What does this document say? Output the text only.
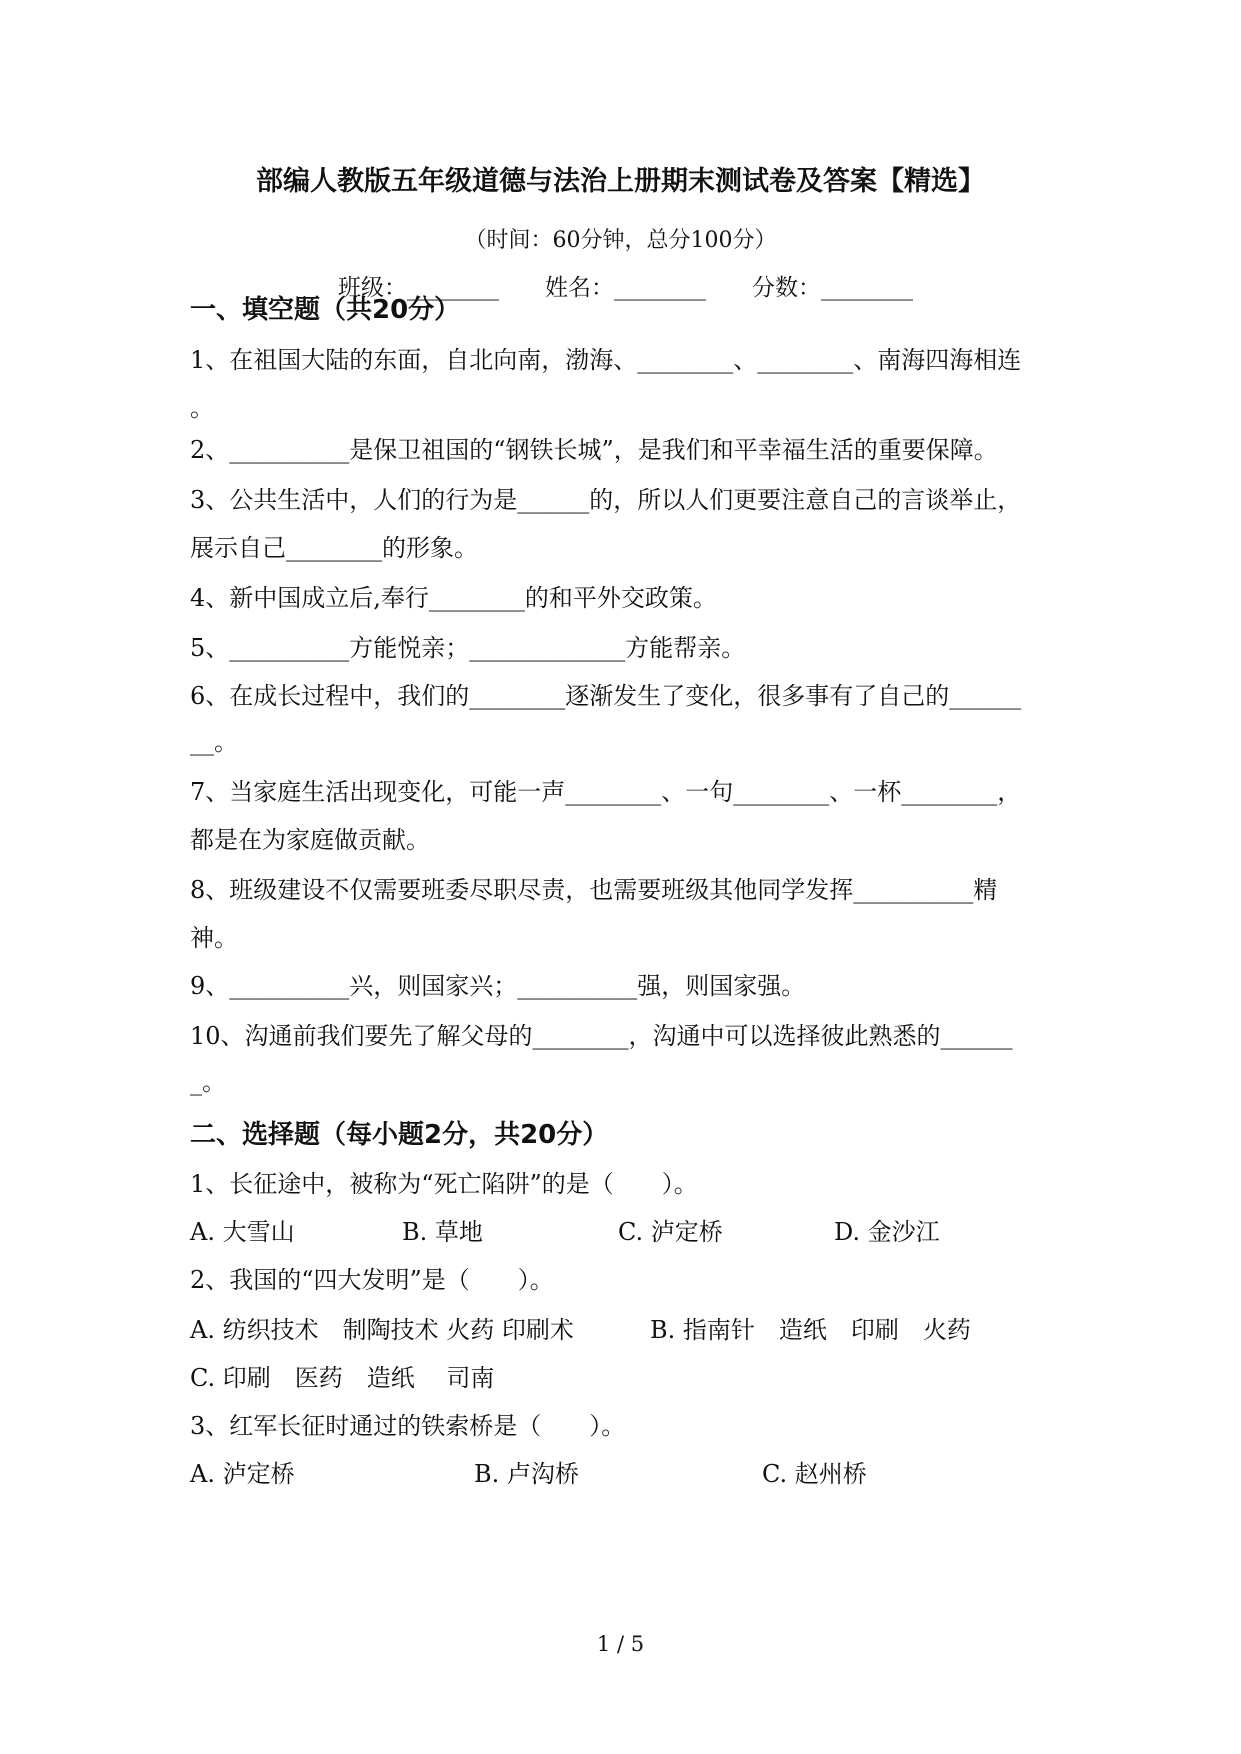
部编人教版五年级道德与法治上册期末测试卷及答案【精选】
（时间：60分钟，总分100分）
班级：________ 姓名：________ 分数：________
一、填空题（共20分）
1、在祖国大陆的东面，自北向南，渤海、________、________、南海四海相连
。
2、__________是保卫祖国的“钢铁长城”，是我们和平幸福生活的重要保障。
3、公共生活中，人们的行为是______的，所以人们更要注意自己的言谈举止，
展示自己________的形象。
4、新中国成立后,奉行________的和平外交政策。
5、__________方能悦亲；_____________方能帮亲。
6、在成长过程中，我们的________逐渐发生了变化，很多事有了自己的______
__。
7、当家庭生活出现变化，可能一声________、一句________、一杯________，
都是在为家庭做贡献。
8、班级建设不仅需要班委尽职尽责，也需要班级其他同学发挥__________精
神。
9、__________兴，则国家兴；__________强，则国家强。
10、沟通前我们要先了解父母的________，沟通中可以选择彼此熟悉的______
_。
二、选择题（每小题2分，共20分）
1、长征途中，被称为“死亡陷阱”的是（　　）。
A. 大雪山	B. 草地	C. 泸定桥	D. 金沙江
2、我国的“四大发明”是（　　）。
A. 纺织技术　制陶技术 火药 印刷术	B. 指南针　造纸　印刷　火药
C. 印刷　医药　造纸　 司南
3、红军长征时通过的铁索桥是（　　）。
A. 泸定桥	B. 卢沟桥	C. 赵州桥
1 / 5
